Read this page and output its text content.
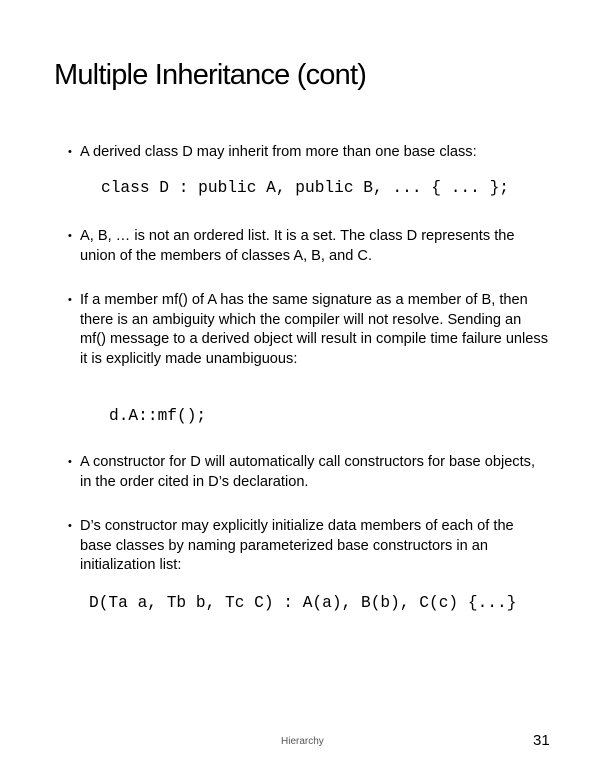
Multiple Inheritance (cont)
• A derived class D may inherit from more than one base class:
class D : public A, public B, ... { ... };
• A, B, … is not an ordered list. It is a set. The class D represents the union of the members of classes A, B, and C.
• If a member mf() of A has the same signature as a member of B, then there is an ambiguity which the compiler will not resolve. Sending an mf() message to a derived object will result in compile time failure unless it is explicitly made unambiguous:
d.A::mf();
• A constructor for D will automatically call constructors for base objects, in the order cited in D’s declaration.
• D’s constructor may explicitly initialize data members of each of the base classes by naming parameterized base constructors in an initialization list:
D(Ta a, Tb b, Tc C) : A(a), B(b), C(c) {...}
Hierarchy	31
